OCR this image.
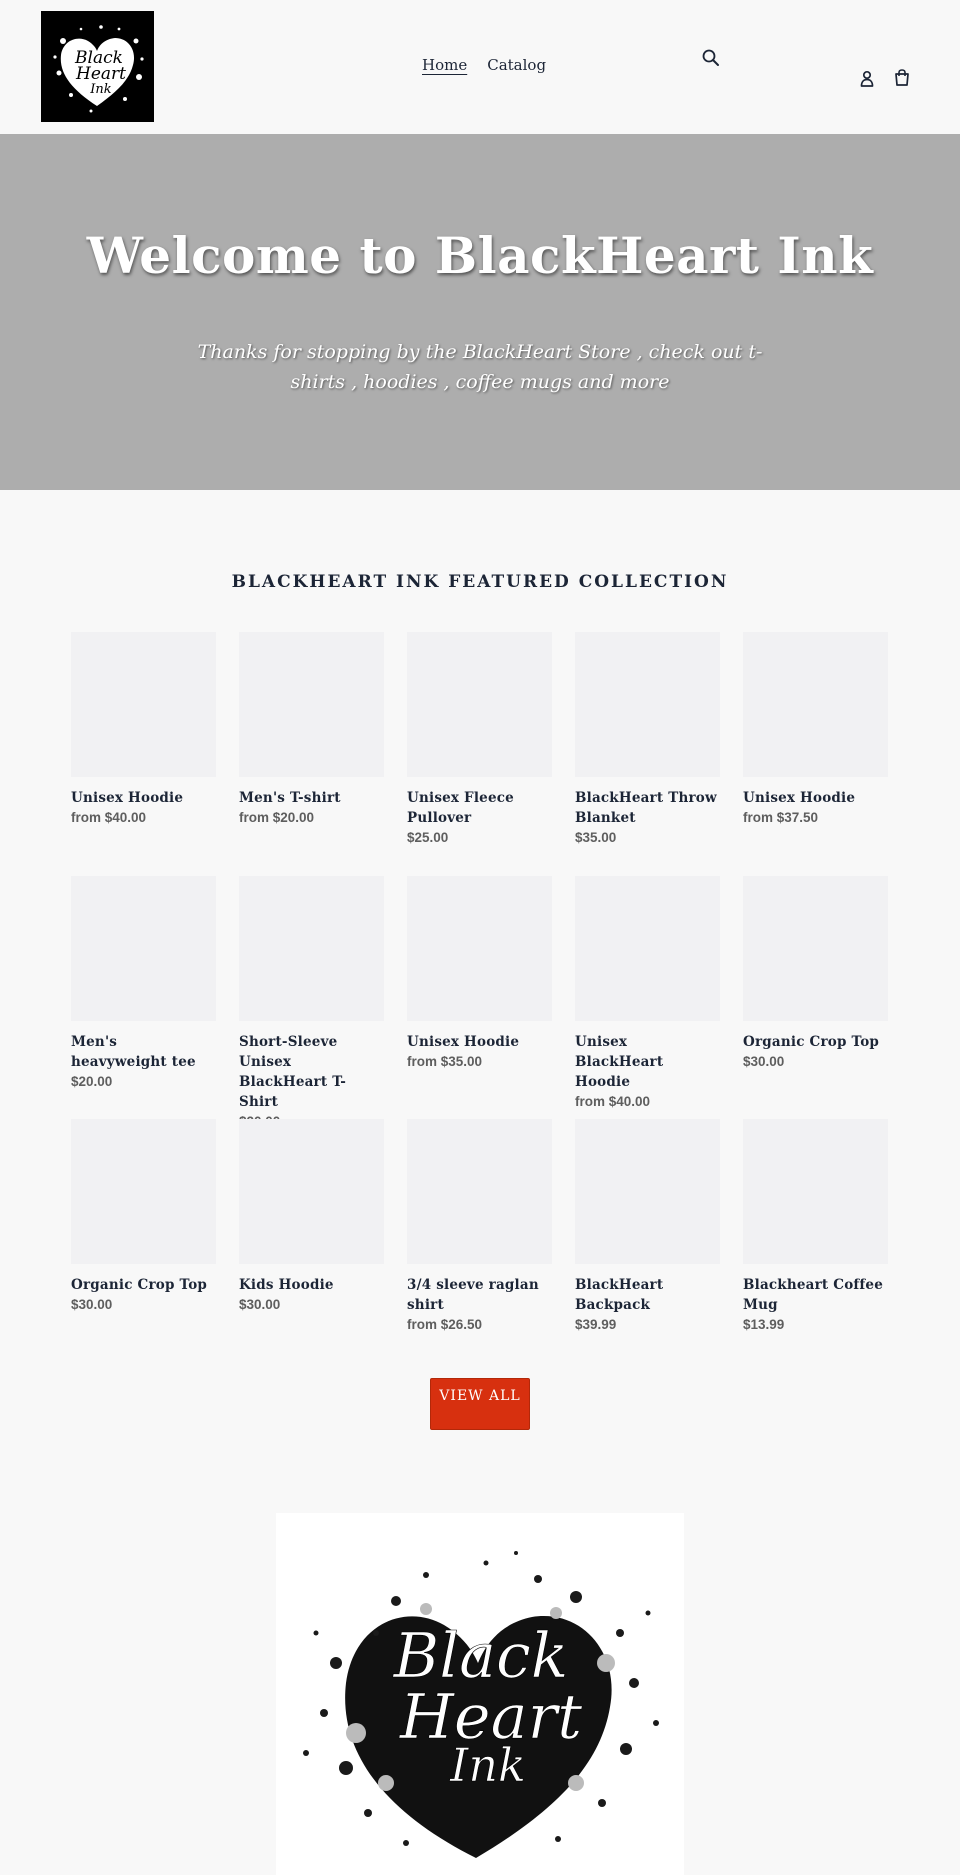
Black
Heart
Ink
Home Catalog
Welcome to BlackHeart Ink

Thanks for stopping by the BlackHeart Store , check out t-shirts , hoodies , coffee mugs and more

BLACKHEART INK FEATURED COLLECTION
Unisex Hoodie
from $40.00
Men's T-shirt
from $20.00
Unisex Fleece Pullover
$25.00
BlackHeart Throw Blanket
$35.00
Unisex Hoodie
from $37.50
Men's heavyweight tee
$20.00
Short-Sleeve Unisex BlackHeart T-Shirt
Unisex Hoodie
from $35.00
Unisex BlackHeart Hoodie
from $40.00
Organic Crop Top
$30.00
Organic Crop Top
$30.00
Kids Hoodie
$30.00
3/4 sleeve raglan shirt
from $26.50
BlackHeart Backpack
$39.99
Blackheart Coffee Mug
$13.99
VIEW ALL
Black
Heart
Ink
